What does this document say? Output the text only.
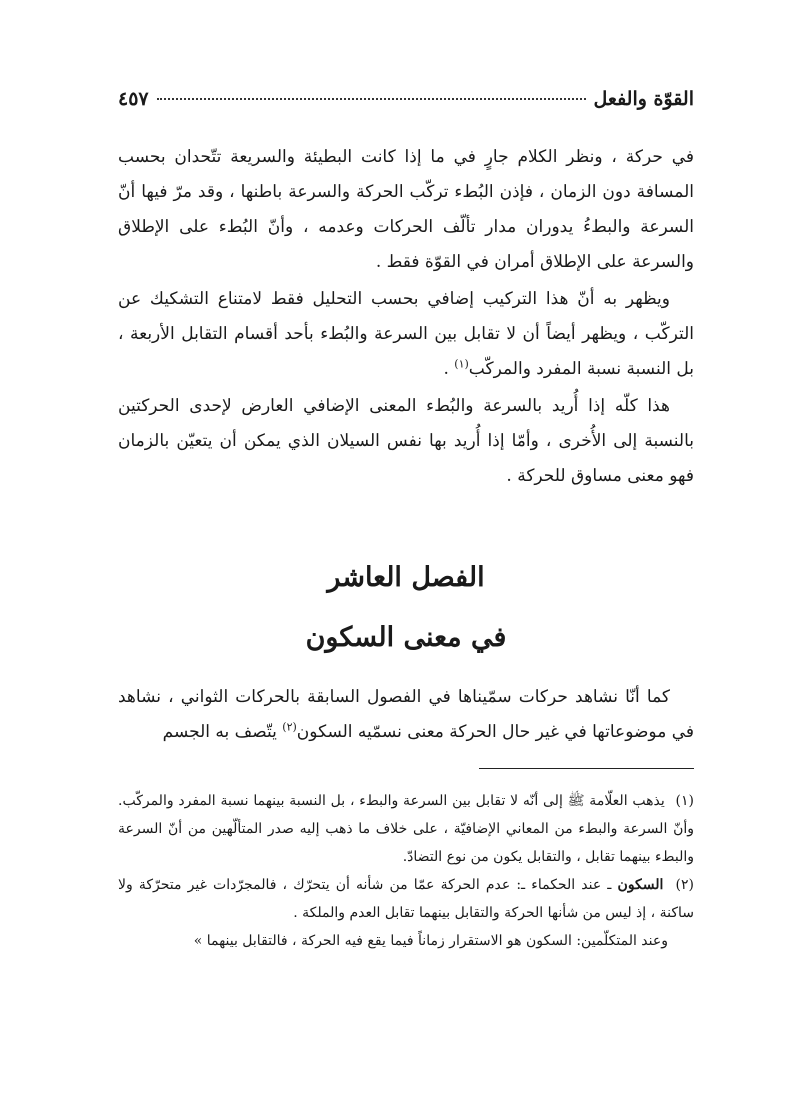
القوّة والفعل
٤٥٧

في حركة ، ونظر الكلام جارٍ في ما إذا كانت البطيئة والسريعة تتّحدان بحسب المسافة دون الزمان ، فإذن البُطء تركّب الحركة والسرعة باطنها ، وقد مرّ فيها أنّ السرعة والبطءُ يدوران مدار تألّف الحركات وعدمه ، وأنّ البُطء على الإطلاق والسرعة على الإطلاق أمران في القوّة فقط .

ويظهر به أنّ هذا التركيب إضافي بحسب التحليل فقط لامتناع التشكيك عن التركّب ، ويظهر أيضاً أن لا تقابل بين السرعة والبُطء بأحد أقسام التقابل الأربعة ، بل النسبة نسبة المفرد والمركّب$^{(١)}$ .

هذا كلّه إذا أُريد بالسرعة والبُطء المعنى الإضافي العارض لإحدى الحركتين بالنسبة إلى الأُخرى ، وأمّا إذا أُريد بها نفس السيلان الذي يمكن أن يتعيّن بالزمان فهو معنى مساوق للحركة .

الفصل العاشر
في معنى السكون

كما أنّا نشاهد حركات سمّيناها في الفصول السابقة بالحركات الثواني ، نشاهد في موضوعاتها في غير حال الحركة معنى نسمّيه السكون$^{(٢)}$ يتّصف به الجسم

(١) يذهب العلّامة ﷺ إلى أنّه لا تقابل بين السرعة والبطء ، بل النسبة بينهما نسبة المفرد والمركّب. وأنّ السرعة والبطء من المعاني الإضافيّة ، على خلاف ما ذهب إليه صدر المتألّهين من أنّ السرعة والبطء بينهما تقابل ، والتقابل يكون من نوع التضادّ.

(٢) السكون ـ عند الحكماء ـ: عدم الحركة عمّا من شأنه أن يتحرّك ، فالمجرّدات غير متحرّكة ولا ساكنة ، إذ ليس من شأنها الحركة والتقابل بينهما تقابل العدم والملكة .

وعند المتكلّمين: السكون هو الاستقرار زماناً فيما يقع فيه الحركة ، فالتقابل بينهما »
